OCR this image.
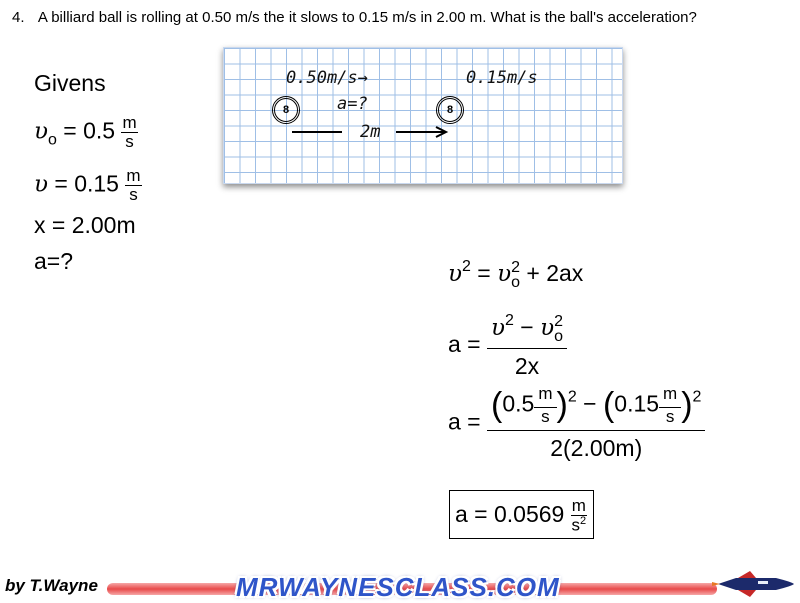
4. A billiard ball is rolling at 0.50 m/s the it slows to 0.15 m/s in 2.00 m. What is the ball's acceleration?
Givens
$\upsilon_o = 0.5 \frac{m}{s}$
$\upsilon = 0.15 \frac{m}{s}$
x = 2.00m
a=?
0.50m/s→	0.15m/s
8	a=?	8
2m
$\upsilon^2 = \upsilon$ 2
o + 2ax
$a = \upsilon^2 - \upsilon$ 2
o
2x
$a = \frac{(0.5 \frac{m}{s} )^2 - (0.15 \frac{m}{s} )^2}{2(2.00m)}$
$a = 0.0569 \frac{m}{s^2}$
by T.Wayne	MRWAYNESCLASS.COM
